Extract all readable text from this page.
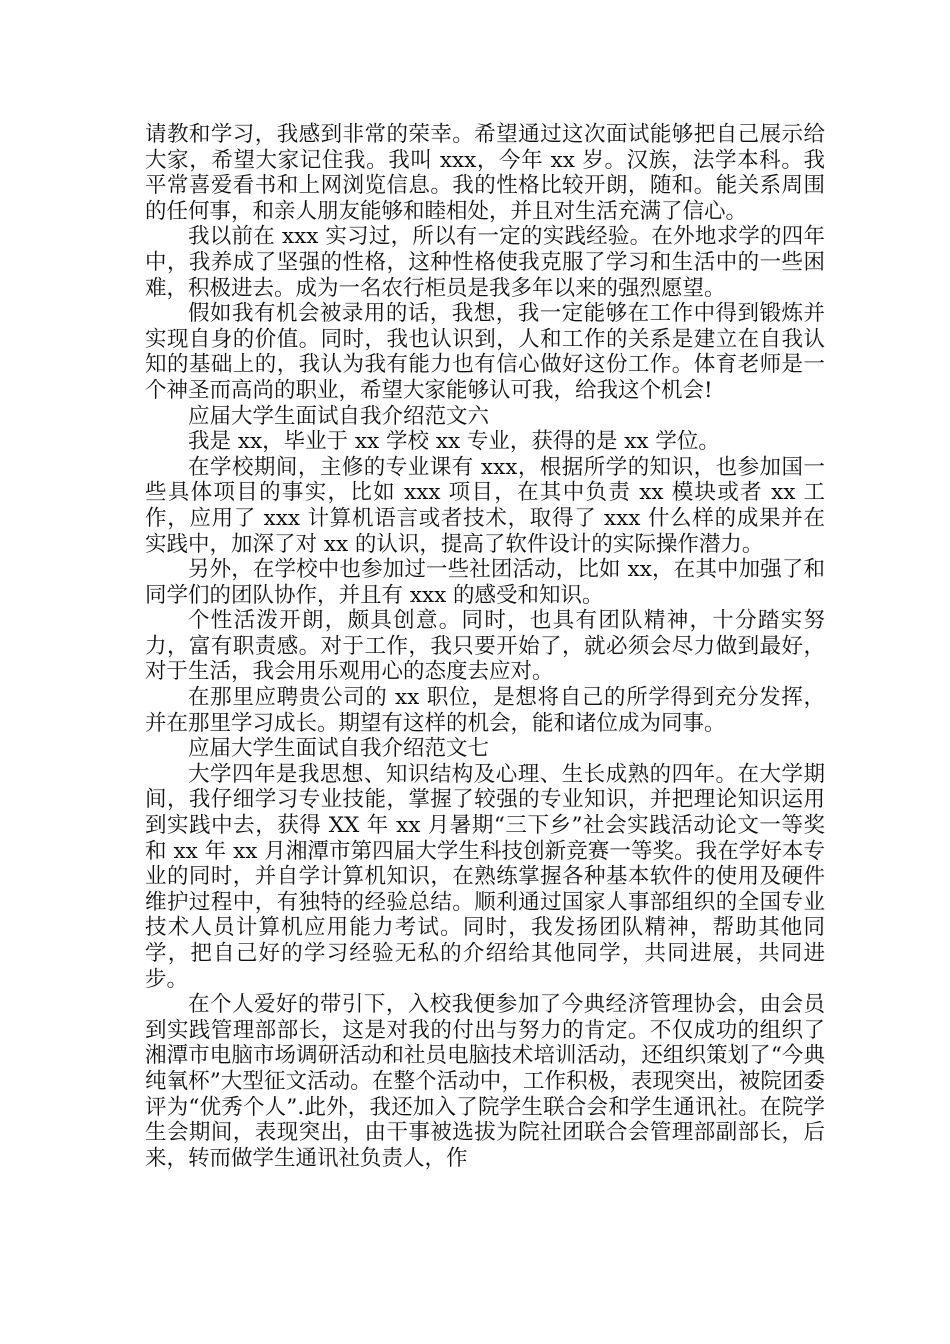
请教和学习，我感到非常的荣幸。希望通过这次面试能够把自己展示给大家，希望大家记住我。我叫 xxx，今年 xx 岁。汉族，法学本科。我平常喜爱看书和上网浏览信息。我的性格比较开朗，随和。能关系周围的任何事，和亲人朋友能够和睦相处，并且对生活充满了信心。

我以前在 xxx 实习过，所以有一定的实践经验。在外地求学的四年中，我养成了坚强的性格，这种性格使我克服了学习和生活中的一些困难，积极进去。成为一名农行柜员是我多年以来的强烈愿望。

假如我有机会被录用的话，我想，我一定能够在工作中得到锻炼并实现自身的价值。同时，我也认识到，人和工作的关系是建立在自我认知的基础上的，我认为我有能力也有信心做好这份工作。体育老师是一个神圣而高尚的职业，希望大家能够认可我，给我这个机会!

应届大学生面试自我介绍范文六

我是 xx，毕业于 xx 学校 xx 专业，获得的是 xx 学位。

在学校期间，主修的专业课有 xxx，根据所学的知识，也参加国一些具体项目的事实，比如 xxx 项目，在其中负责 xx 模块或者 xx 工作，应用了 xxx 计算机语言或者技术，取得了 xxx 什么样的成果并在实践中，加深了对 xx 的认识，提高了软件设计的实际操作潜力。

另外，在学校中也参加过一些社团活动，比如 xx，在其中加强了和同学们的团队协作，并且有 xxx 的感受和知识。

个性活泼开朗，颇具创意。同时，也具有团队精神，十分踏实努力，富有职责感。对于工作，我只要开始了，就必须会尽力做到最好，对于生活，我会用乐观用心的态度去应对。

在那里应聘贵公司的 xx 职位，是想将自己的所学得到充分发挥，并在那里学习成长。期望有这样的机会，能和诸位成为同事。

应届大学生面试自我介绍范文七

大学四年是我思想、知识结构及心理、生长成熟的四年。在大学期间，我仔细学习专业技能，掌握了较强的专业知识，并把理论知识运用到实践中去，获得 XX 年 xx 月暑期“三下乡”社会实践活动论文一等奖和 xx 年 xx 月湘潭市第四届大学生科技创新竞赛一等奖。我在学好本专业的同时，并自学计算机知识，在熟练掌握各种基本软件的使用及硬件维护过程中，有独特的经验总结。顺利通过国家人事部组织的全国专业技术人员计算机应用能力考试。同时，我发扬团队精神，帮助其他同学，把自己好的学习经验无私的介绍给其他同学，共同进展，共同进步。

在个人爱好的带引下，入校我便参加了今典经济管理协会，由会员到实践管理部部长，这是对我的付出与努力的肯定。不仅成功的组织了湘潭市电脑市场调研活动和社员电脑技术培训活动，还组织策划了“今典纯氧杯”大型征文活动。在整个活动中，工作积极，表现突出，被院团委评为“优秀个人”.此外，我还加入了院学生联合会和学生通讯社。在院学生会期间，表现突出，由干事被选拔为院社团联合会管理部副部长，后来，转而做学生通讯社负责人，作
